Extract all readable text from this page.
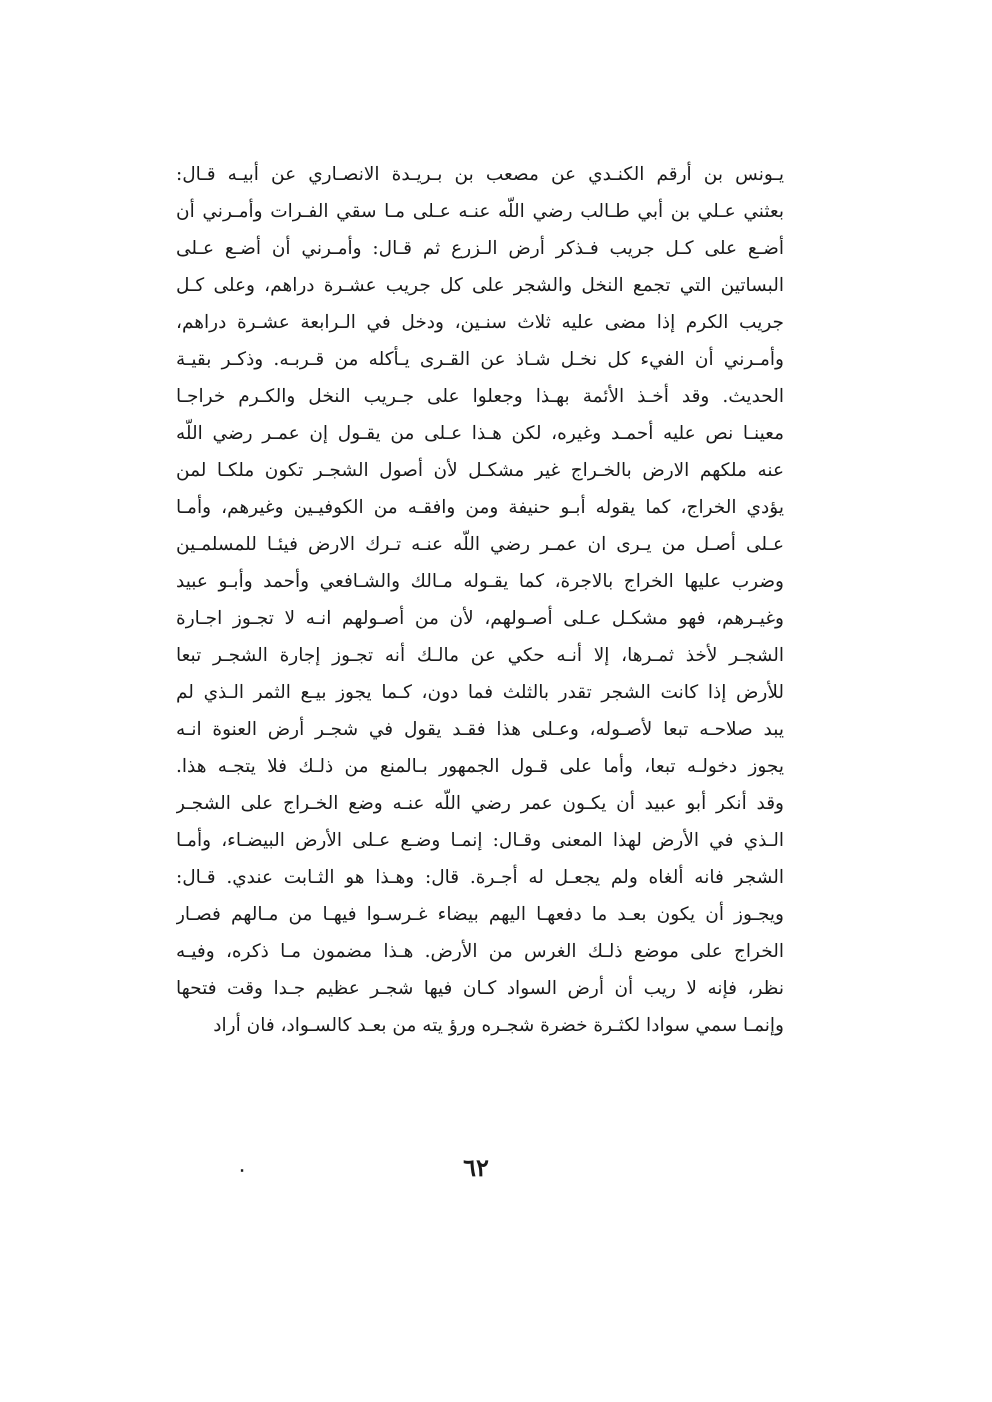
يـونس بن أرقم الكنـدي عن مصعب بن بـريـدة الانصـاري عن أبيـه قـال:
بعثني عـلي بن أبي طـالب رضي اللّه عنـه عـلى مـا سقي الفـرات وأمـرني أن
أضـع على كـل جريب فـذكر أرض الـزرع ثم قـال: وأمـرني أن أضـع عـلى
البساتين التي تجمع النخل والشجر على كل جريب عشـرة دراهم، وعلى كـل
جريب الكرم إذا مضى عليه ثلاث سنـين، ودخل في الـرابعة عشـرة دراهم،
وأمـرني أن الفيء كل نخـل شـاذ عن القـرى يـأكله من قـربـه. وذكـر بقيـة
الحديث. وقد أخـذ الأئمة بهـذا وجعلوا على جـريب النخل والكـرم خراجـا
معينـا نص عليه أحمـد وغيره، لكن هـذا عـلى من يقـول إن عمـر رضي اللّه
عنه ملكهم الارض بالخـراج غير مشكـل لأن أصول الشجـر تكون ملكـا لمن
يؤدي الخراج، كما يقوله أبـو حنيفة ومن وافقـه من الكوفيـين وغيرهم، وأمـا
عـلى أصـل من يـرى ان عمـر رضي اللّه عنـه تـرك الارض فيئـا للمسلمـين
وضرب عليها الخراج بالاجرة، كما يقـوله مـالك والشـافعي وأحمد وأبـو عبيد
وغيـرهم، فهو مشكـل عـلى أصـولهم، لأن من أصـولهم انـه لا تجـوز اجـارة
الشجـر لأخذ ثمـرها، إلا أنـه حكي عن مالـك أنه تجـوز إجارة الشجـر تبعا
للأرض إذا كانت الشجر تقدر بالثلث فما دون، كـما يجوز بيـع الثمر الـذي لم
يبد صلاحـه تبعا لأصـوله، وعـلى هذا فقـد يقول في شجـر أرض العنوة انـه
يجوز دخولـه تبعا، وأما على قـول الجمهور بـالمنع من ذلـك فلا يتجـه هذا.
وقد أنكر أبو عبيد أن يكـون عمر رضي اللّه عنـه وضع الخـراج على الشجـر
الـذي في الأرض لهذا المعنى وقـال: إنمـا وضـع عـلى الأرض البيضـاء، وأمـا
الشجر فانه ألغاه ولم يجعـل له أجـرة. قال: وهـذا هو الثـابت عندي. قـال:
ويجـوز أن يكون بعـد ما دفعهـا اليهم بيضاء غـرسـوا فيهـا من مـالهم فصـار
الخراج على موضع ذلـك الغرس من الأرض. هـذا مضمون مـا ذكره، وفيـه
نظر، فإنه لا ريب أن أرض السواد كـان فيها شجـر عظيم جـدا وقت فتحها
وإنمـا سمي سوادا لكثـرة خضرة شجـره ورؤ يته من بعـد كالسـواد، فان أراد
٠	٦٢
